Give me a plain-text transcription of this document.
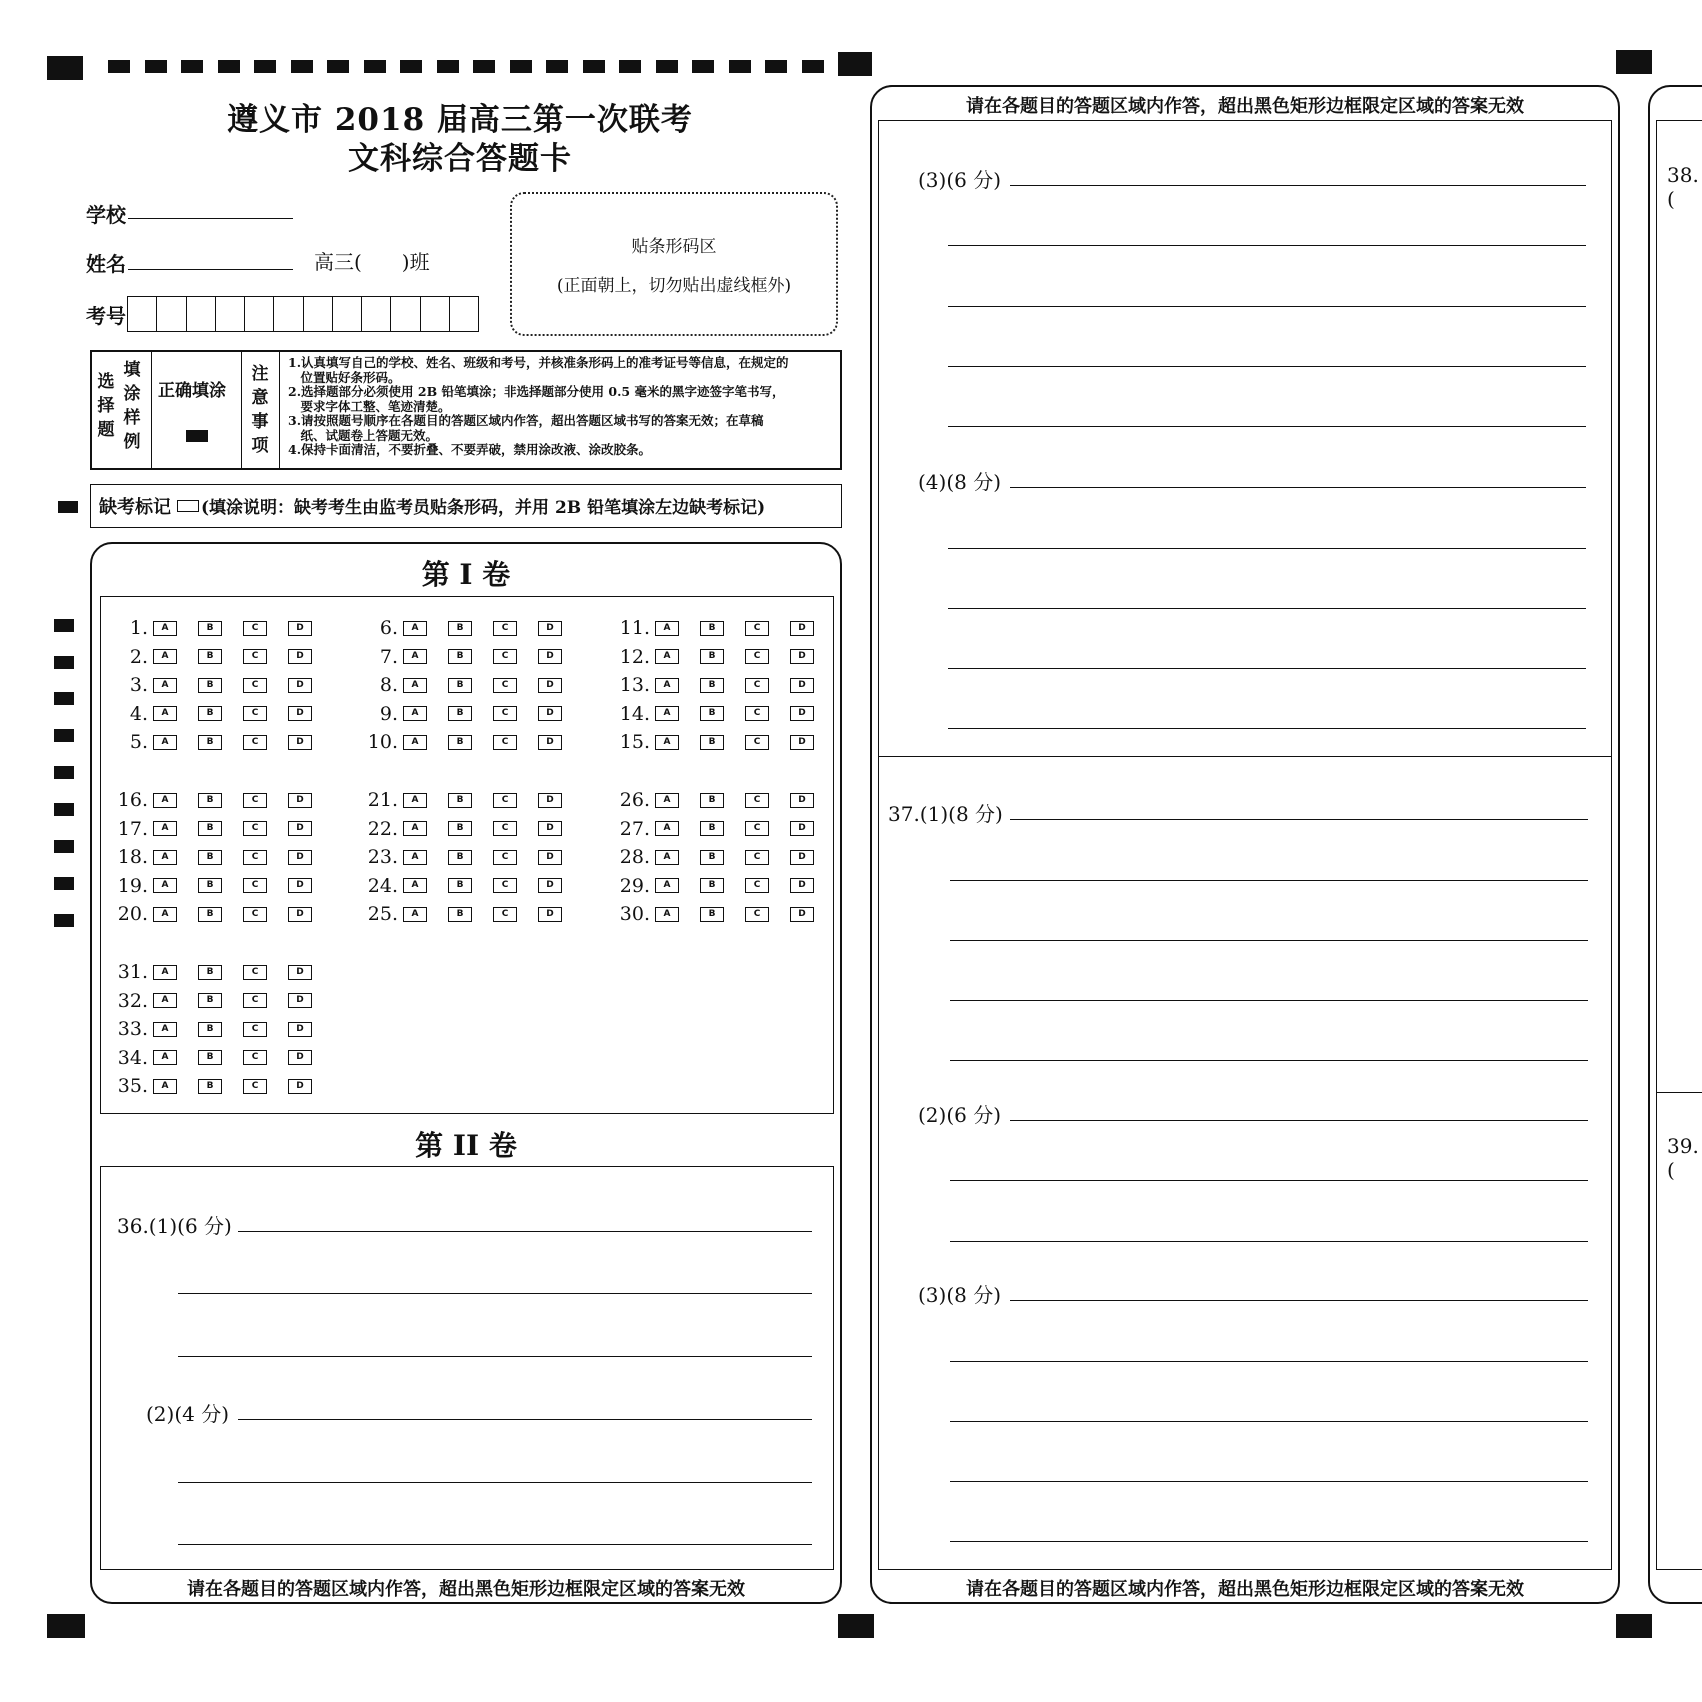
遵义市 2018 届高三第一次联考
文科综合答题卡
学校
姓名	高三(　　)班
考号
贴条形码区

(正面朝上，切勿贴出虚线框外)

选择题
填涂样例
正确填涂
注意事项
1.认真填写自己的学校、姓名、班级和考号，并核准条形码上的准考证号等信息，在规定的
　位置贴好条形码。
2.选择题部分必须使用 2B 铅笔填涂；非选择题部分使用 0.5 毫米的黑字迹签字笔书写，
　要求字体工整、笔迹清楚。
3.请按照题号顺序在各题目的答题区域内作答，超出答题区域书写的答案无效；在草稿
　纸、试题卷上答题无效。
4.保持卡面清洁，不要折叠、不要弄破，禁用涂改液、涂改胶条。
缺考标记 (填涂说明：缺考考生由监考员贴条形码，并用 2B 铅笔填涂左边缺考标记)
第 I 卷
1.	A	B	C	D
2.	A	B	C	D
3.	A	B	C	D
4.	A	B	C	D
5.	A	B	C	D
6.	A	B	C	D
7.	A	B	C	D
8.	A	B	C	D
9.	A	B	C	D
10.	A	B	C	D
11.	A	B	C	D
12.	A	B	C	D
13.	A	B	C	D
14.	A	B	C	D
15.	A	B	C	D
16.	A	B	C	D
17.	A	B	C	D
18.	A	B	C	D
19.	A	B	C	D
20.	A	B	C	D
21.	A	B	C	D
22.	A	B	C	D
23.	A	B	C	D
24.	A	B	C	D
25.	A	B	C	D
26.	A	B	C	D
27.	A	B	C	D
28.	A	B	C	D
29.	A	B	C	D
30.	A	B	C	D
31.	A	B	C	D
32.	A	B	C	D
33.	A	B	C	D
34.	A	B	C	D
35.	A	B	C	D
第 II 卷
36.(1)(6 分)
(2)(4 分)
请在各题目的答题区域内作答，超出黑色矩形边框限定区域的答案无效
请在各题目的答题区域内作答，超出黑色矩形边框限定区域的答案无效
请在各题目的答题区域内作答，超出黑色矩形边框限定区域的答案无效
(3)(6 分)
(4)(8 分)
37.(1)(8 分)
(2)(6 分)
(3)(8 分)
38.(
39.(
